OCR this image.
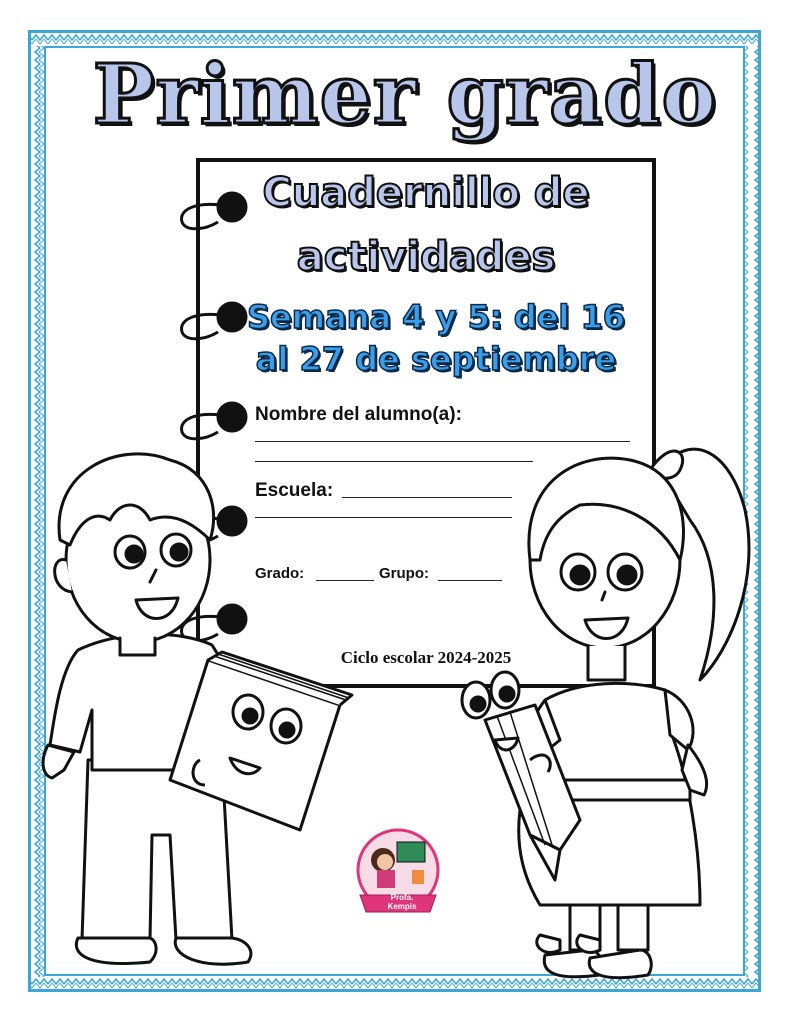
Primer grado
Profa.
Kempis
Cuadernillo de
actividades
Semana 4 y 5: del 16
al 27 de septiembre
Nombre del alumno(a):
Escuela:
Grado:	Grupo:
Ciclo escolar 2024-2025
